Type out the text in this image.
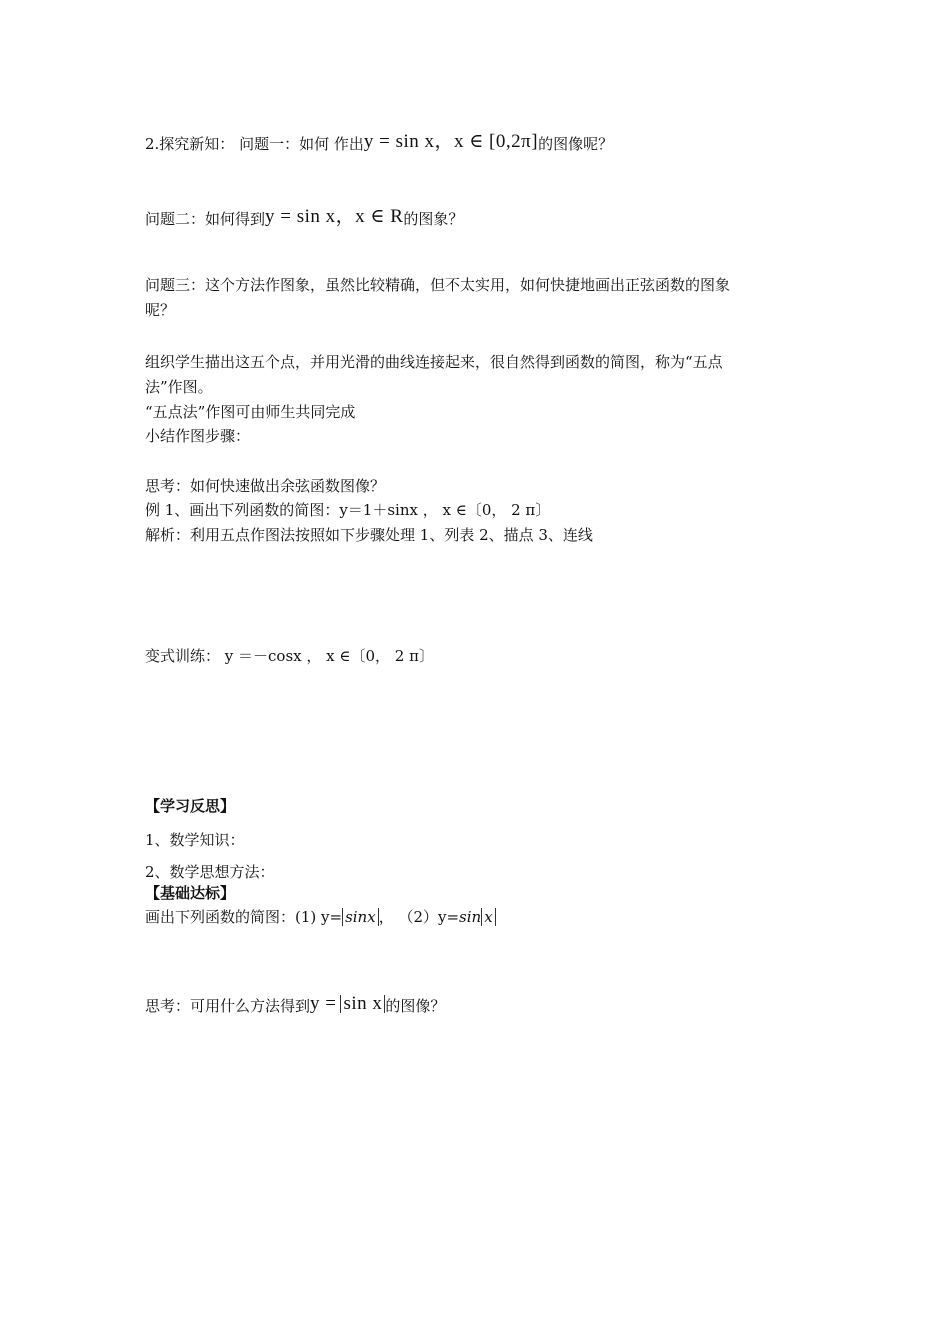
2.探究新知： 问题一：如何 作出y = sin x，x ∈ [0,2π]的图像呢？
问题二：如何得到y = sin x，x ∈ R的图象？
问题三：这个方法作图象，虽然比较精确，但不太实用，如何快捷地画出正弦函数的图象
呢？
组织学生描出这五个点，并用光滑的曲线连接起来，很自然得到函数的简图，称为“五点
法”作图。
“五点法”作图可由师生共同完成
小结作图步骤：
思考：如何快速做出余弦函数图像？
例 1、画出下列函数的简图：y＝1＋sinx ， x ∈〔0， 2 π〕
解析：利用五点作图法按照如下步骤处理 1、列表 2、描点 3、连线
变式训练： y ＝－cosx ， x ∈〔0， 2 π〕
【学习反思】
1、数学知识：
2、数学思想方法：
【基础达标】
画出下列函数的简图：(1) y= sinx ， （2）y=sin x
思考：可用什么方法得到y = sin x 的图像？
